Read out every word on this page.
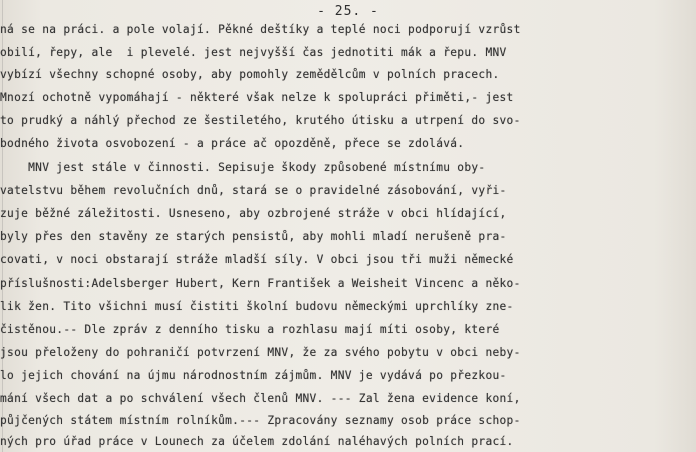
- 25. -
ná se na práci. a pole volají. Pěkné deštíky a teplé noci podporují vzrůst
obilí, řepy, ale  i plevelé. jest nejvyšší čas jednotiti mák a řepu. MNV
vybízí všechny schopné osoby, aby pomohly zemědělcům v polních pracech.
Mnozí ochotně vypomáhají - některé však nelze k spolupráci přiměti,- jest
to prudký a náhlý přechod ze šestiletého, krutého útisku a utrpení do svo-
bodného života osvobození - a práce ač opozděně, přece se zdolává.
MNV jest stále v činnosti. Sepisuje škody způsobené místnímu oby-
vatelstvu během revolučních dnů, stará se o pravidelné zásobování, vyři-
zuje běžné záležitosti. Usneseno, aby ozbrojené stráže v obci hlídající,
byly přes den stavěny ze starých pensistů, aby mohli mladí nerušeně pra-
covati, v noci obstarají stráže mladší síly. V obci jsou tři muži německé
příslušnosti:Adelsberger Hubert, Kern František a Weisheit Vincenc a něko-
lik žen. Tito všichni musí čistiti školní budovu německými uprchlíky zne-
čistěnou.-- Dle zpráv z denního tisku a rozhlasu mají míti osoby, které
jsou přeloženy do pohraničí potvrzení MNV, že za svého pobytu v obci neby-
lo jejich chování na újmu národnostním zájmům. MNV je vydává po přezkou-
mání všech dat a po schválení všech členů MNV. --- Zal žena evidence koní,
půjčených státem místním rolníkům.--- Zpracovány seznamy osob práce schop-
ných pro úřad práce v Lounech za účelem zdolání naléhavých polních prací.
